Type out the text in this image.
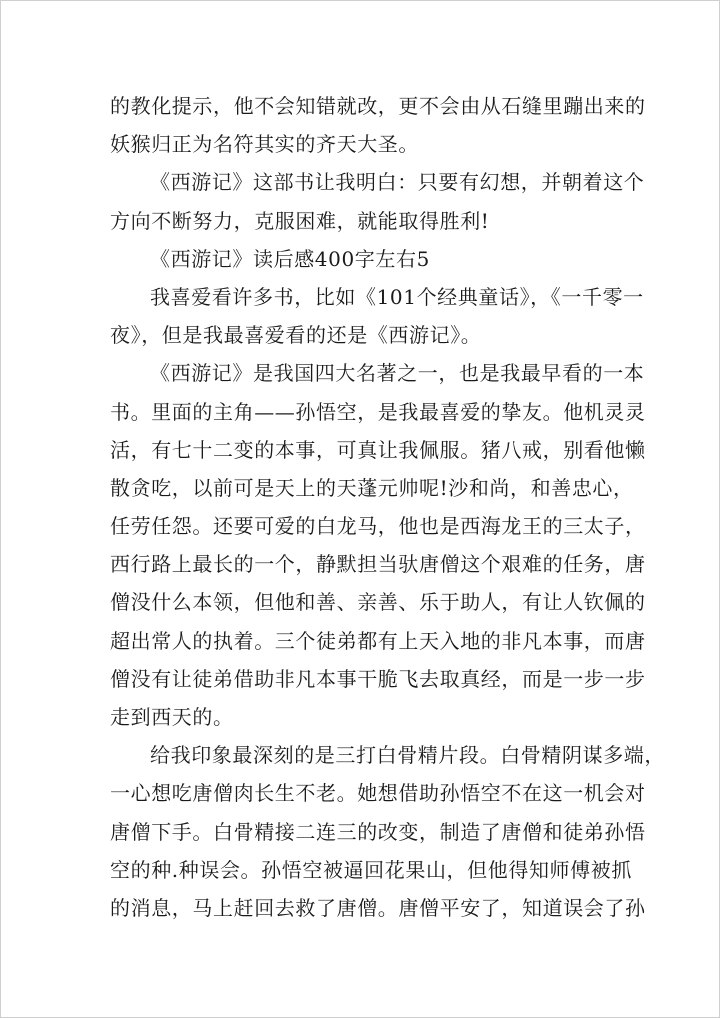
的教化提示，他不会知错就改，更不会由从石缝里蹦出来的
妖猴归正为名符其实的齐天大圣。
《西游记》这部书让我明白：只要有幻想，并朝着这个
方向不断努力，克服困难，就能取得胜利!
《西游记》读后感400字左右5
我喜爱看许多书，比如《101个经典童话》，《一千零一
夜》，但是我最喜爱看的还是《西游记》。
《西游记》是我国四大名著之一，也是我最早看的一本
书。里面的主角——孙悟空，是我最喜爱的挚友。他机灵灵
活，有七十二变的本事，可真让我佩服。猪八戒，别看他懒
散贪吃，以前可是天上的天蓬元帅呢!沙和尚，和善忠心，
任劳任怨。还要可爱的白龙马，他也是西海龙王的三太子，
西行路上最长的一个，静默担当驮唐僧这个艰难的任务，唐
僧没什么本领，但他和善、亲善、乐于助人，有让人钦佩的
超出常人的执着。三个徒弟都有上天入地的非凡本事，而唐
僧没有让徒弟借助非凡本事干脆飞去取真经，而是一步一步
走到西天的。
给我印象最深刻的是三打白骨精片段。白骨精阴谋多端，
一心想吃唐僧肉长生不老。她想借助孙悟空不在这一机会对
唐僧下手。白骨精接二连三的改变，制造了唐僧和徒弟孙悟
空的种.种误会。孙悟空被逼回花果山，但他得知师傅被抓
的消息，马上赶回去救了唐僧。唐僧平安了，知道误会了孙
